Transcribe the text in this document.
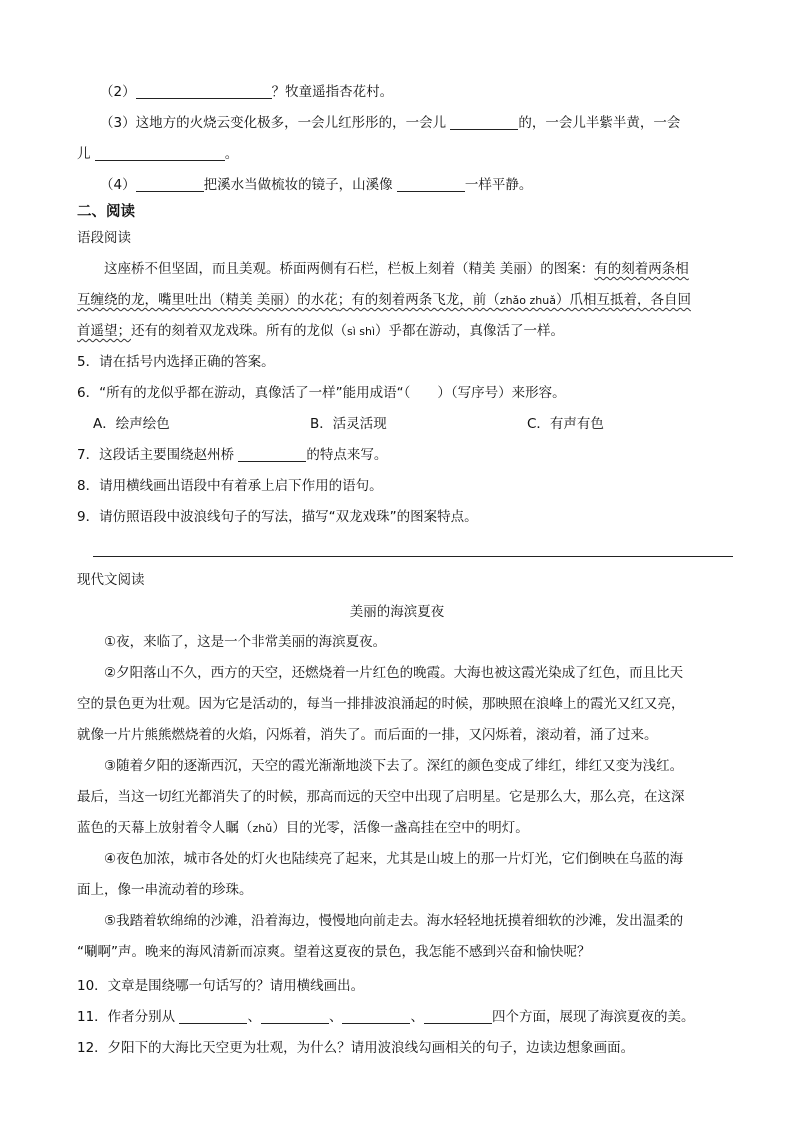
（2）	？牧童遥指杏花村。
（3）这地方的火烧云变化极多，一会儿红彤彤的，一会儿	的，一会儿半紫半黄，一会
儿	。
（4）	把溪水当做梳妆的镜子，山溪像	一样平静。
二、阅读
语段阅读
这座桥不但坚固，而且美观。桥面两侧有石栏，栏板上刻着（精美 美丽）的图案：有的刻着两条相
互缠绕的龙，嘴里吐出（精美 美丽）的水花；有的刻着两条飞龙，前（zhǎo zhuǎ）爪相互抵着，各自回
首遥望；还有的刻着双龙戏珠。所有的龙似（sì shì）乎都在游动，真像活了一样。
5．请在括号内选择正确的答案。
6．“所有的龙似乎都在游动，真像活了一样”能用成语“（　　）（写序号）来形容。
A．绘声绘色	B．活灵活现	C．有声有色
7．这段话主要围绕赵州桥	的特点来写。
8．请用横线画出语段中有着承上启下作用的语句。
9．请仿照语段中波浪线句子的写法，描写“双龙戏珠”的图案特点。
现代文阅读
美丽的海滨夏夜
①夜，来临了，这是一个非常美丽的海滨夏夜。
②夕阳落山不久，西方的天空，还燃烧着一片红色的晚霞。大海也被这霞光染成了红色，而且比天
空的景色更为壮观。因为它是活动的，每当一排排波浪涌起的时候，那映照在浪峰上的霞光又红又亮，
就像一片片熊熊燃烧着的火焰，闪烁着，消失了。而后面的一排，又闪烁着，滚动着，涌了过来。
③随着夕阳的逐渐西沉，天空的霞光渐渐地淡下去了。深红的颜色变成了绯红，绯红又变为浅红。
最后，当这一切红光都消失了的时候，那高而远的天空中出现了启明星。它是那么大，那么亮，在这深
蓝色的天幕上放射着令人瞩（zhǔ）目的光零，活像一盏高挂在空中的明灯。
④夜色加浓，城市各处的灯火也陆续亮了起来，尤其是山坡上的那一片灯光，它们倒映在乌蓝的海
面上，像一串流动着的珍珠。
⑤我踏着软绵绵的沙滩，沿着海边，慢慢地向前走去。海水轻轻地抚摸着细软的沙滩，发出温柔的
“唰啊”声。晚来的海风清新而凉爽。望着这夏夜的景色，我怎能不感到兴奋和愉快呢？
10．文章是围绕哪一句话写的？请用横线画出。
11．作者分别从	、	、	、	四个方面，展现了海滨夏夜的美。
12．夕阳下的大海比天空更为壮观，为什么？请用波浪线勾画相关的句子，边读边想象画面。
